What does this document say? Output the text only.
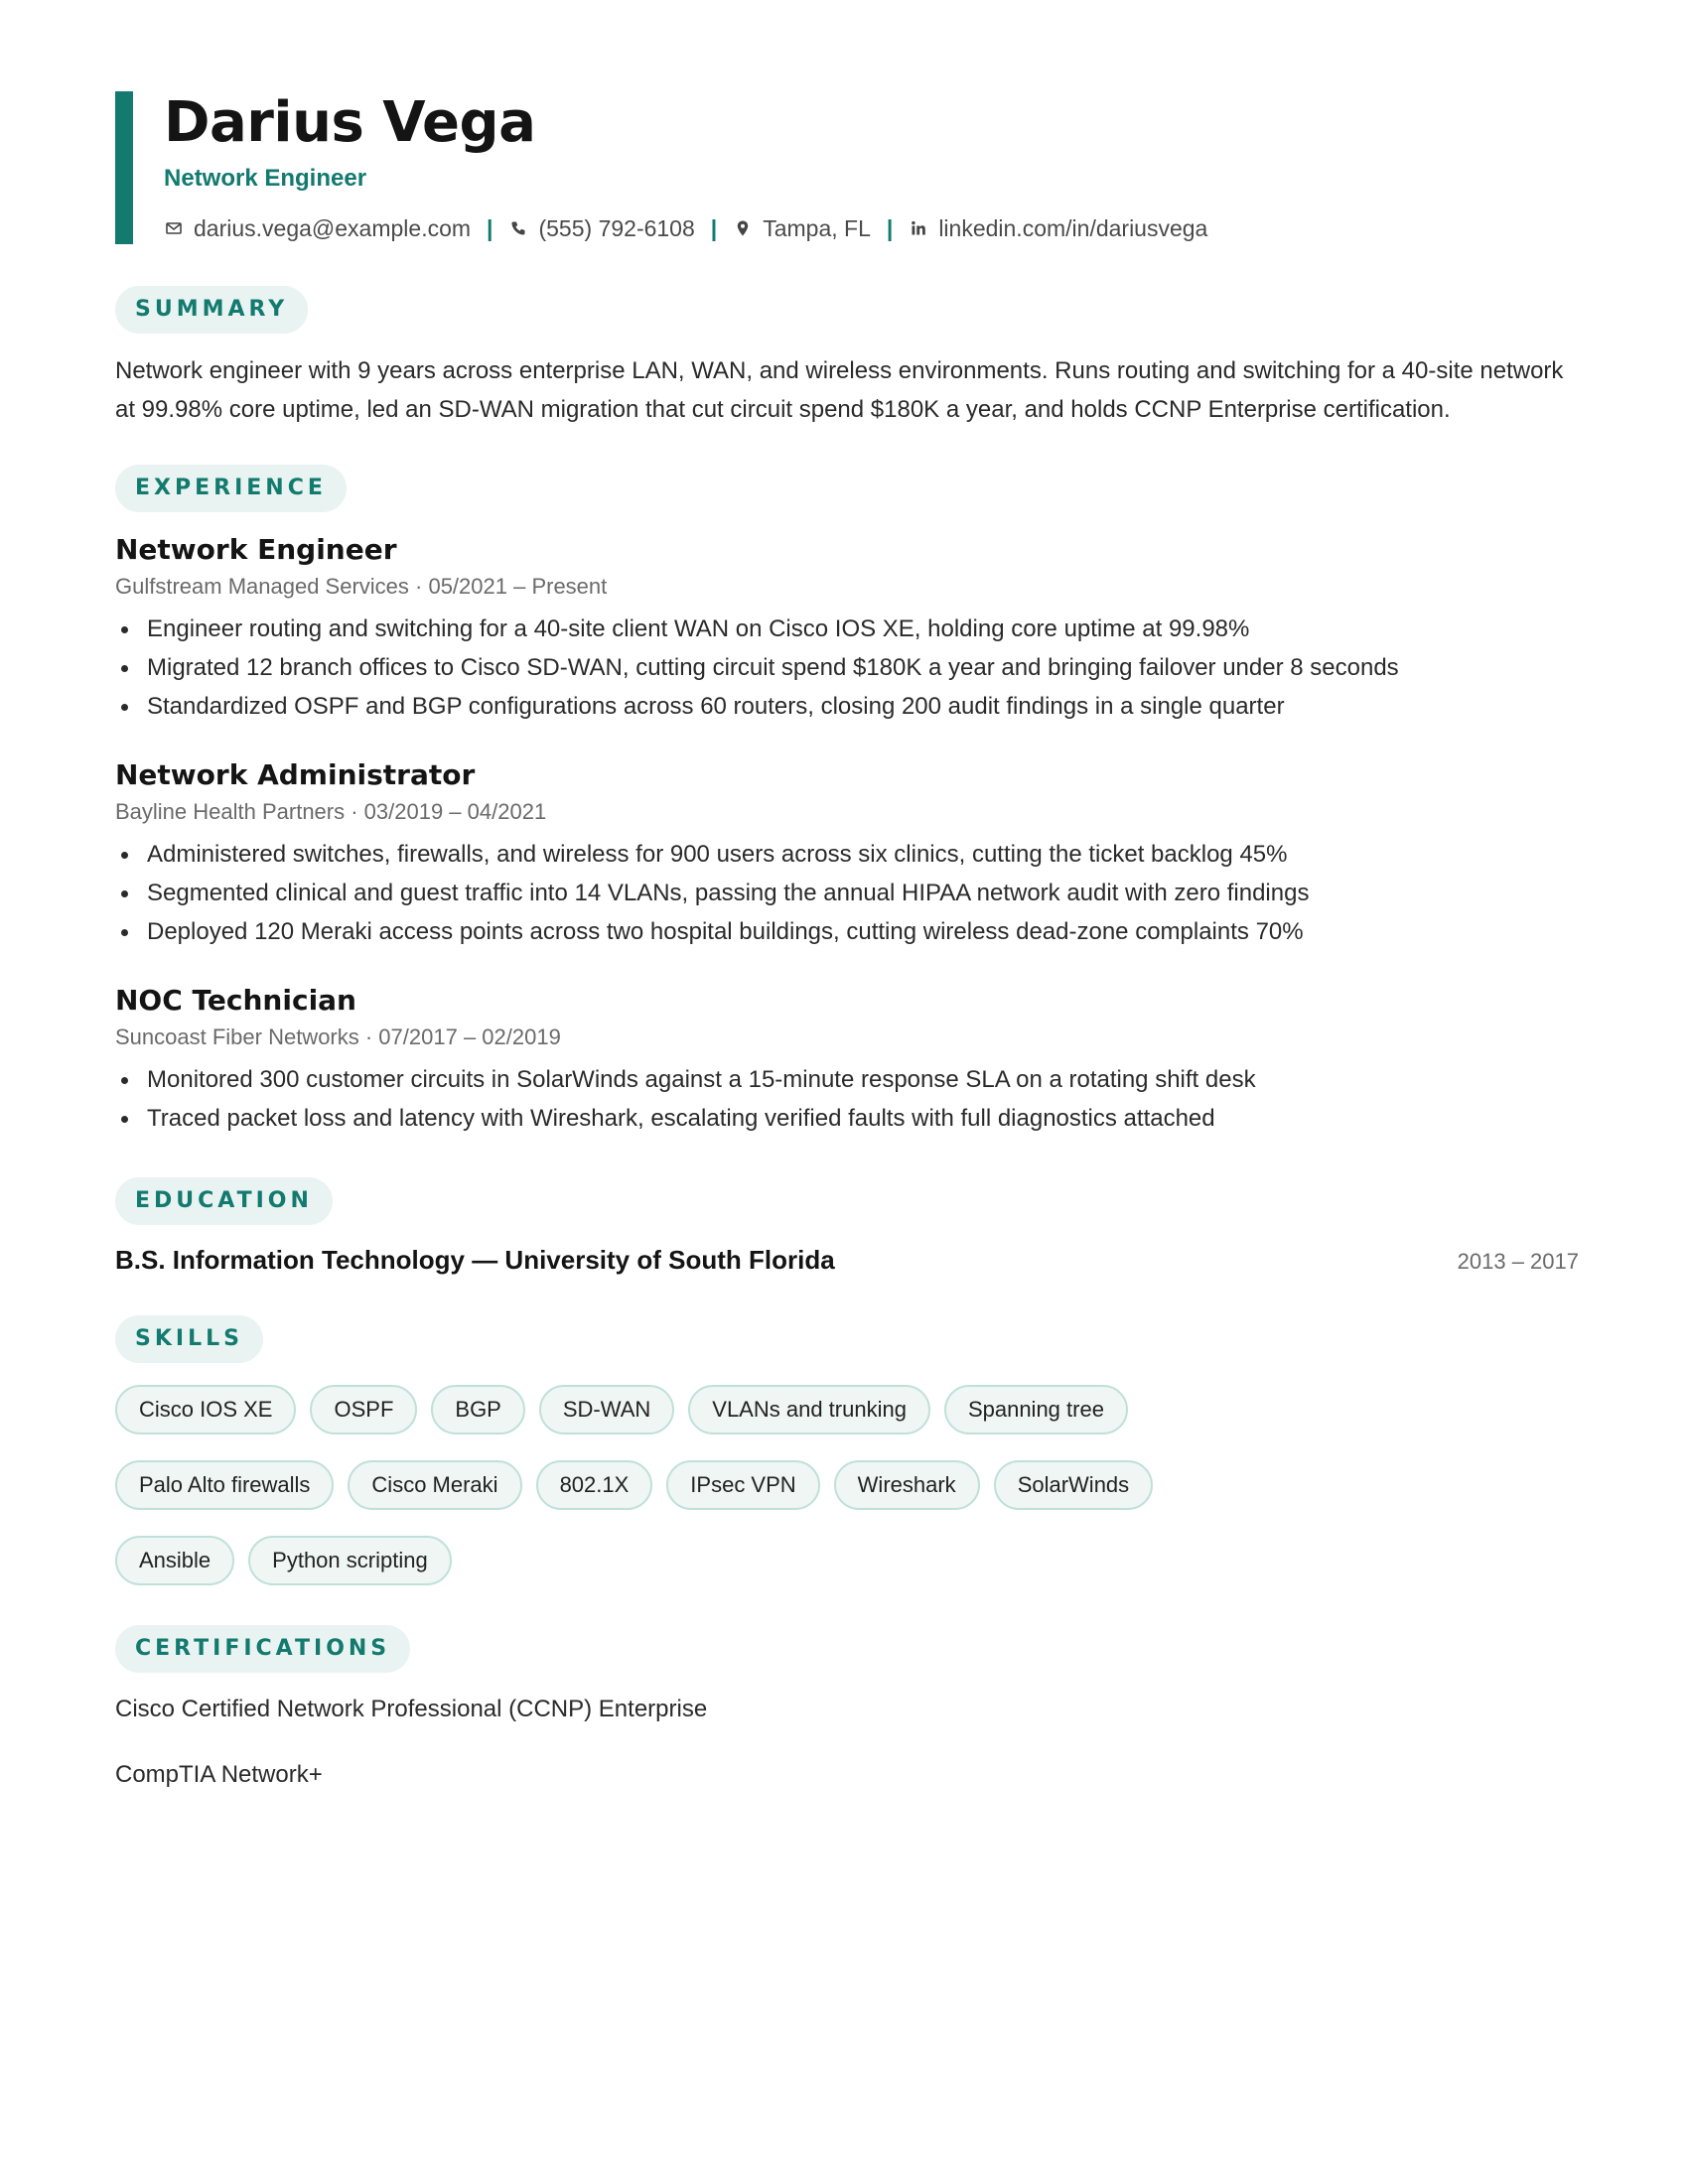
Darius Vega
Network Engineer
darius.vega@example.com | (555) 792-6108 | Tampa, FL | linkedin.com/in/dariusvega
SUMMARY
Network engineer with 9 years across enterprise LAN, WAN, and wireless environments. Runs routing and switching for a 40-site network at 99.98% core uptime, led an SD-WAN migration that cut circuit spend $180K a year, and holds CCNP Enterprise certification.
EXPERIENCE
Network Engineer
Gulfstream Managed Services · 05/2021 – Present
Engineer routing and switching for a 40-site client WAN on Cisco IOS XE, holding core uptime at 99.98%
Migrated 12 branch offices to Cisco SD-WAN, cutting circuit spend $180K a year and bringing failover under 8 seconds
Standardized OSPF and BGP configurations across 60 routers, closing 200 audit findings in a single quarter
Network Administrator
Bayline Health Partners · 03/2019 – 04/2021
Administered switches, firewalls, and wireless for 900 users across six clinics, cutting the ticket backlog 45%
Segmented clinical and guest traffic into 14 VLANs, passing the annual HIPAA network audit with zero findings
Deployed 120 Meraki access points across two hospital buildings, cutting wireless dead-zone complaints 70%
NOC Technician
Suncoast Fiber Networks · 07/2017 – 02/2019
Monitored 300 customer circuits in SolarWinds against a 15-minute response SLA on a rotating shift desk
Traced packet loss and latency with Wireshark, escalating verified faults with full diagnostics attached
EDUCATION
B.S. Information Technology — University of South Florida	2013 – 2017
SKILLS
Cisco IOS XE	OSPF	BGP	SD-WAN	VLANs and trunking	Spanning tree
Palo Alto firewalls	Cisco Meraki	802.1X	IPsec VPN	Wireshark	SolarWinds
Ansible	Python scripting
CERTIFICATIONS
Cisco Certified Network Professional (CCNP) Enterprise
CompTIA Network+
